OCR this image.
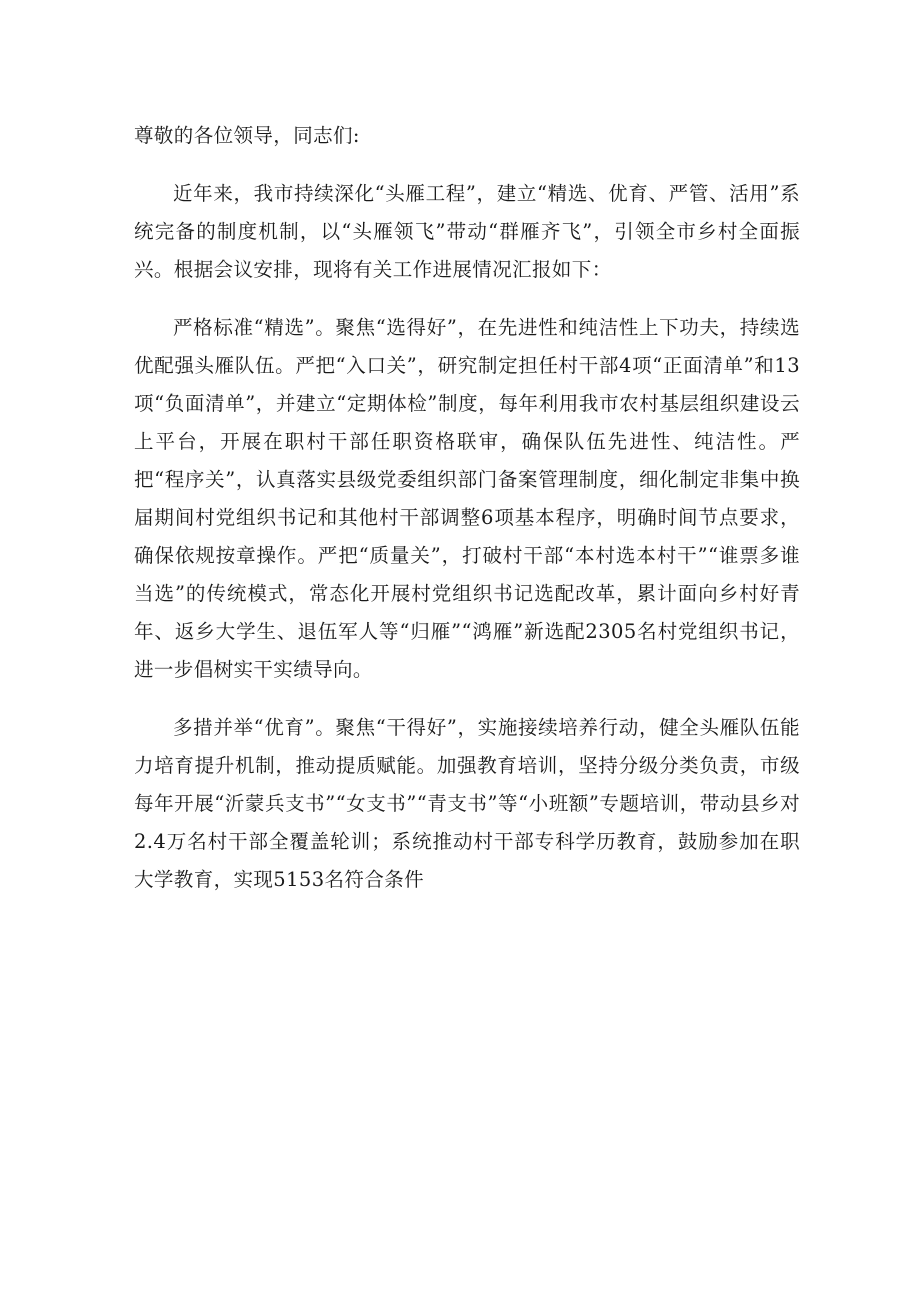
尊敬的各位领导，同志们:

近年来，我市持续深化“头雁工程”，建立“精选、优育、严管、活用”系统完备的制度机制，以“头雁领飞”带动“群雁齐飞”，引领全市乡村全面振兴。根据会议安排，现将有关工作进展情况汇报如下：

严格标准“精选”。聚焦“选得好”，在先进性和纯洁性上下功夫，持续选优配强头雁队伍。严把“入口关”，研究制定担任村干部4项“正面清单”和13项“负面清单”，并建立“定期体检”制度，每年利用我市农村基层组织建设云上平台，开展在职村干部任职资格联审，确保队伍先进性、纯洁性。严把“程序关”，认真落实县级党委组织部门备案管理制度，细化制定非集中换届期间村党组织书记和其他村干部调整6项基本程序，明确时间节点要求，确保依规按章操作。严把“质量关”，打破村干部“本村选本村干”“谁票多谁当选”的传统模式，常态化开展村党组织书记选配改革，累计面向乡村好青年、返乡大学生、退伍军人等“归雁”“鸿雁”新选配2305名村党组织书记，进一步倡树实干实绩导向。

多措并举“优育”。聚焦“干得好”，实施接续培养行动，健全头雁队伍能力培育提升机制，推动提质赋能。加强教育培训，坚持分级分类负责，市级每年开展“沂蒙兵支书”“女支书”“青支书”等“小班额”专题培训，带动县乡对2.4万名村干部全覆盖轮训；系统推动村干部专科学历教育，鼓励参加在职大学教育，实现5153名符合条件
